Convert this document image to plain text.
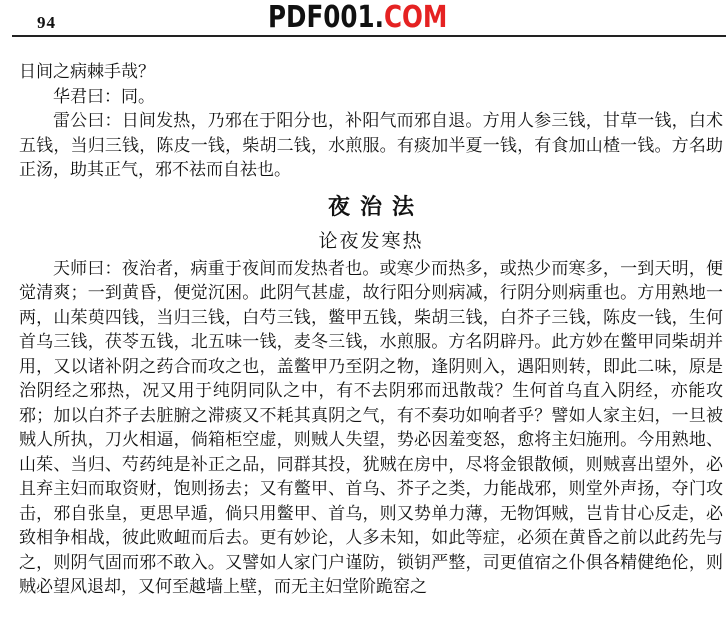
94	PDF001.COM

日间之病棘手哉？

华君曰：同。

雷公曰：日间发热，乃邪在于阳分也，补阳气而邪自退。方用人参三钱，甘草一钱，白术五钱，当归三钱，陈皮一钱，柴胡二钱，水煎服。有痰加半夏一钱，有食加山楂一钱。方名助正汤，助其正气，邪不祛而自祛也。

夜治法
论夜发寒热

天师曰：夜治者，病重于夜间而发热者也。或寒少而热多，或热少而寒多，一到天明，便觉清爽；一到黄昏，便觉沉困。此阴气甚虚，故行阳分则病减，行阴分则病重也。方用熟地一两，山茱萸四钱，当归三钱，白芍三钱，鳖甲五钱，柴胡三钱，白芥子三钱，陈皮一钱，生何首乌三钱，茯苓五钱，北五味一钱，麦冬三钱，水煎服。方名阴辟丹。此方妙在鳖甲同柴胡并用，又以诸补阴之药合而攻之也，盖鳖甲乃至阴之物，逢阴则入，遇阳则转，即此二味，原是治阴经之邪热，况又用于纯阴同队之中，有不去阴邪而迅散哉？生何首乌直入阴经，亦能攻邪；加以白芥子去脏腑之滞痰又不耗其真阴之气，有不奏功如响者乎？譬如人家主妇，一旦被贼人所执，刀火相逼，倘箱柜空虚，则贼人失望，势必因羞变怒，愈将主妇施刑。今用熟地、山茱、当归、芍药纯是补正之品，同群其投，犹贼在房中，尽将金银散倾，则贼喜出望外，必且弃主妇而取资财，饱则扬去；又有鳖甲、首乌、芥子之类，力能战邪，则堂外声扬，夺门攻击，邪自张皇，更思早遁，倘只用鳖甲、首乌，则又势单力薄，无物饵贼，岂肯甘心反走，必致相争相战，彼此败衄而后去。更有妙论，人多未知，如此等症，必须在黄昏之前以此药先与之，则阴气固而邪不敢入。又譬如人家门户谨防，锁钥严整，司更值宿之仆俱各精健绝伦，则贼必望风退却，又何至越墙上壁，而无主妇堂阶跪窑之
